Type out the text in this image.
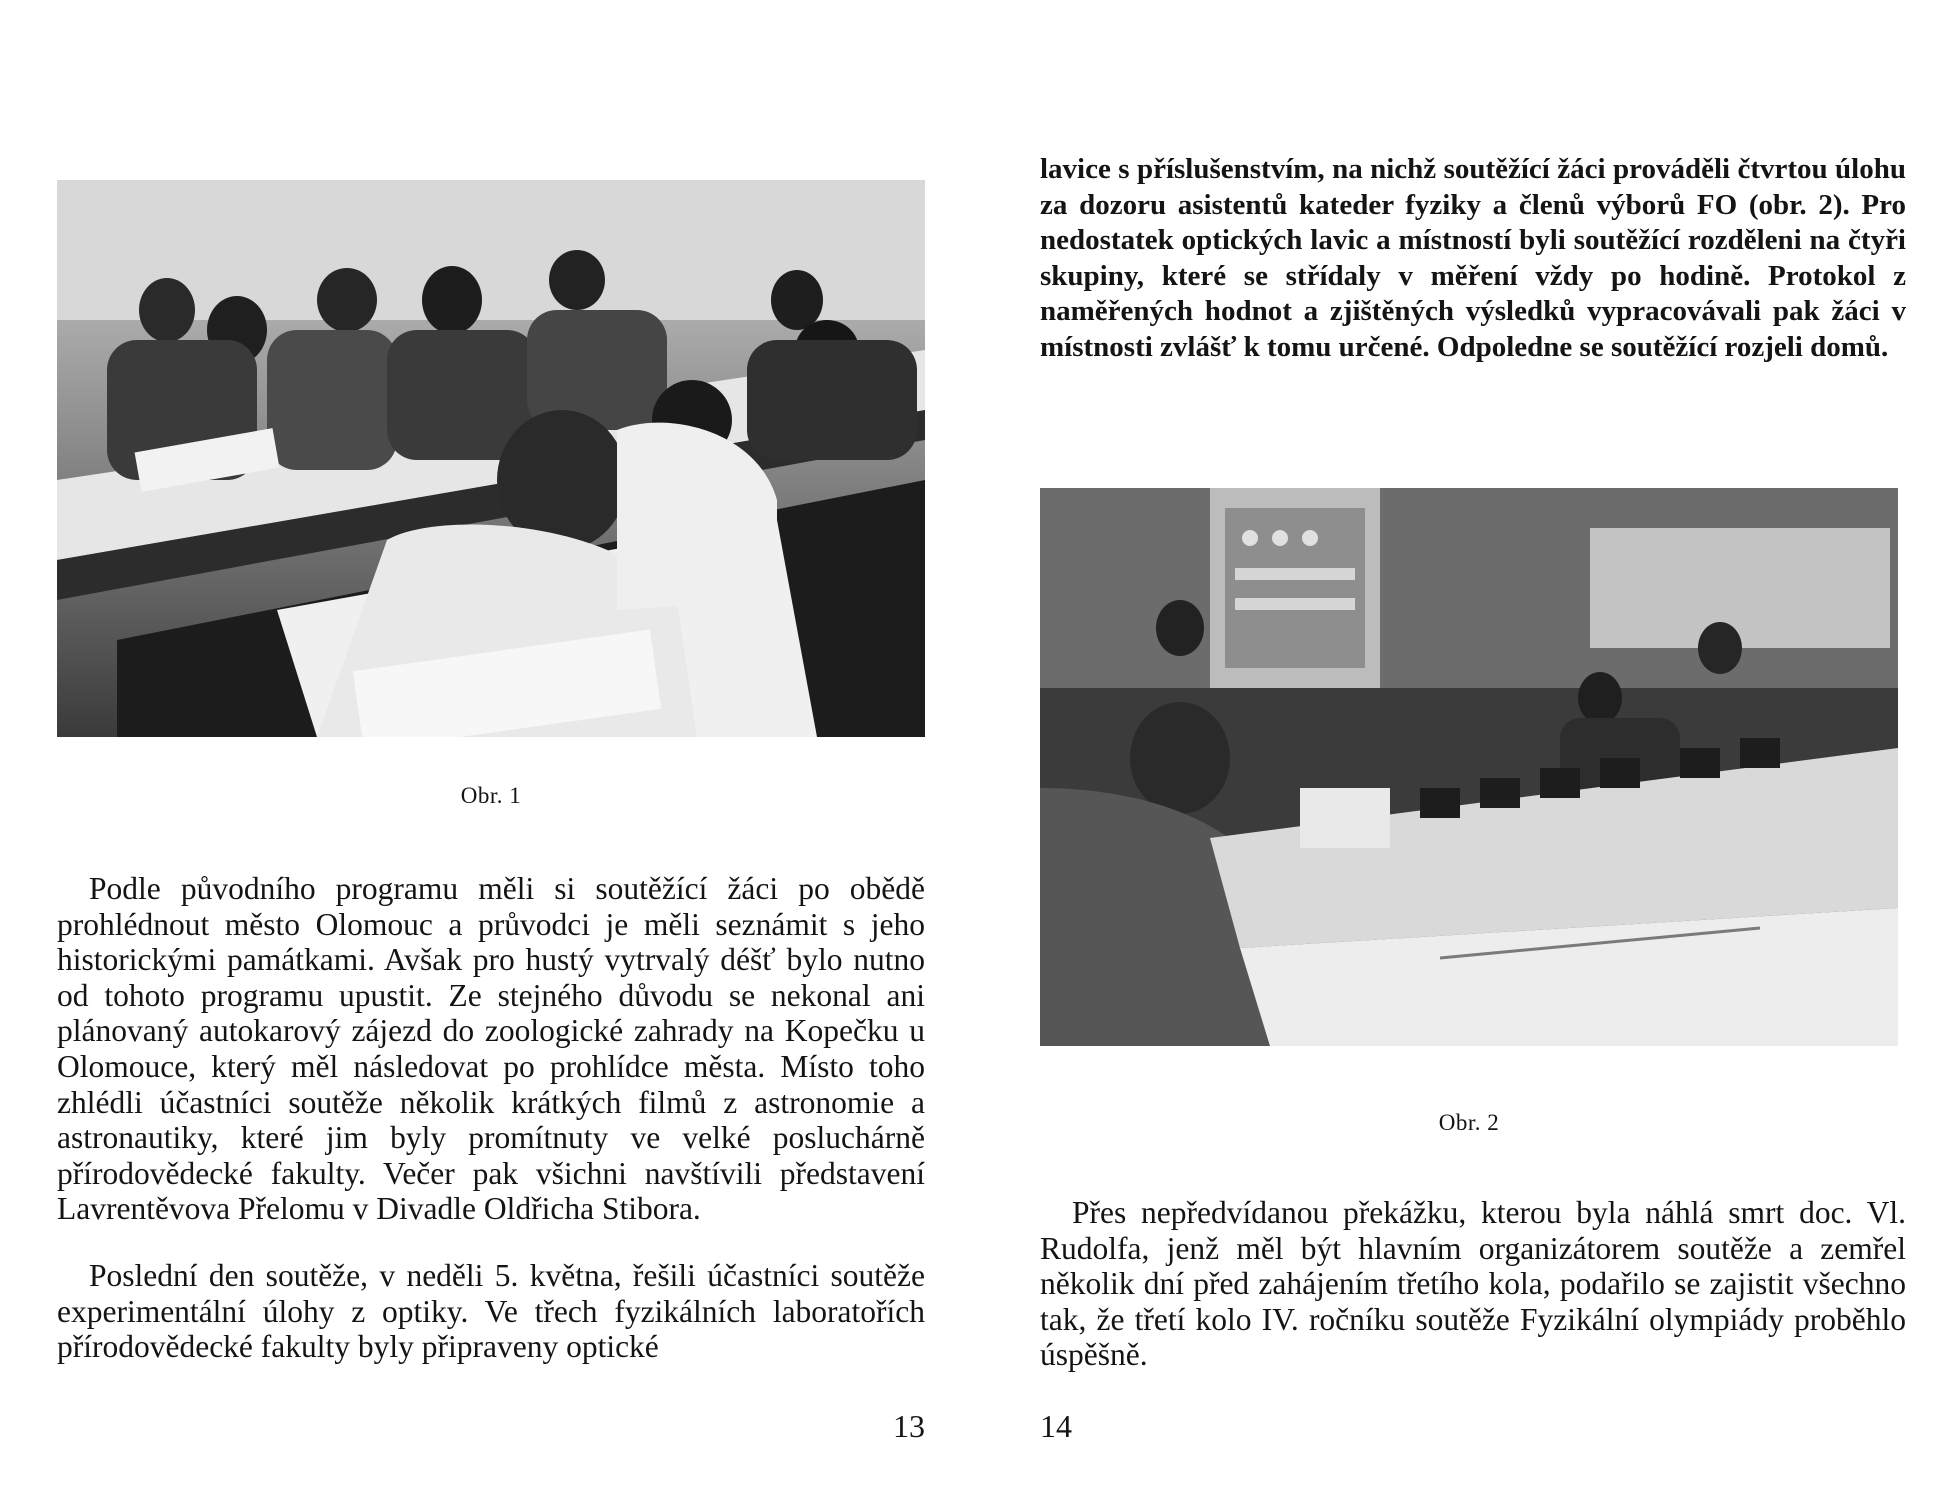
Obr. 1

Podle původního programu měli si soutěžící žáci po obědě prohlédnout město Olomouc a průvodci je měli seznámit s jeho historickými památkami. Avšak pro hustý vytrvalý déšť bylo nutno od tohoto programu upustit. Ze stejného důvodu se nekonal ani plánovaný autokarový zájezd do zoologické zahrady na Kopečku u Olomouce, který měl následovat po prohlídce města. Místo toho zhlédli účastníci soutěže několik krátkých filmů z astronomie a astronautiky, které jim byly promítnuty ve velké posluchárně přírodovědecké fakulty. Večer pak všichni navštívili představení Lavrentěvova Přelomu v Divadle Oldřicha Stibora.

Poslední den soutěže, v neděli 5. května, řešili účastníci soutěže experimentální úlohy z optiky. Ve třech fyzikálních laboratořích přírodovědecké fakulty byly připraveny optické

13

lavice s příslušenstvím, na nichž soutěžící žáci prováděli čtvrtou úlohu za dozoru asistentů kateder fyziky a členů výborů FO (obr. 2). Pro nedostatek optických lavic a místností byli soutěžící rozděleni na čtyři skupiny, které se střídaly v měření vždy po hodině. Protokol z naměřených hodnot a zjištěných výsledků vypracovávali pak žáci v místnosti zvlášť k tomu určené. Odpoledne se soutěžící rozjeli domů.

Obr. 2

Přes nepředvídanou překážku, kterou byla náhlá smrt doc. Vl. Rudolfa, jenž měl být hlavním organizátorem soutěže a zemřel několik dní před zahájením třetího kola, podařilo se zajistit všechno tak, že třetí kolo IV. ročníku soutěže Fyzikální olympiády proběhlo úspěšně.

14
